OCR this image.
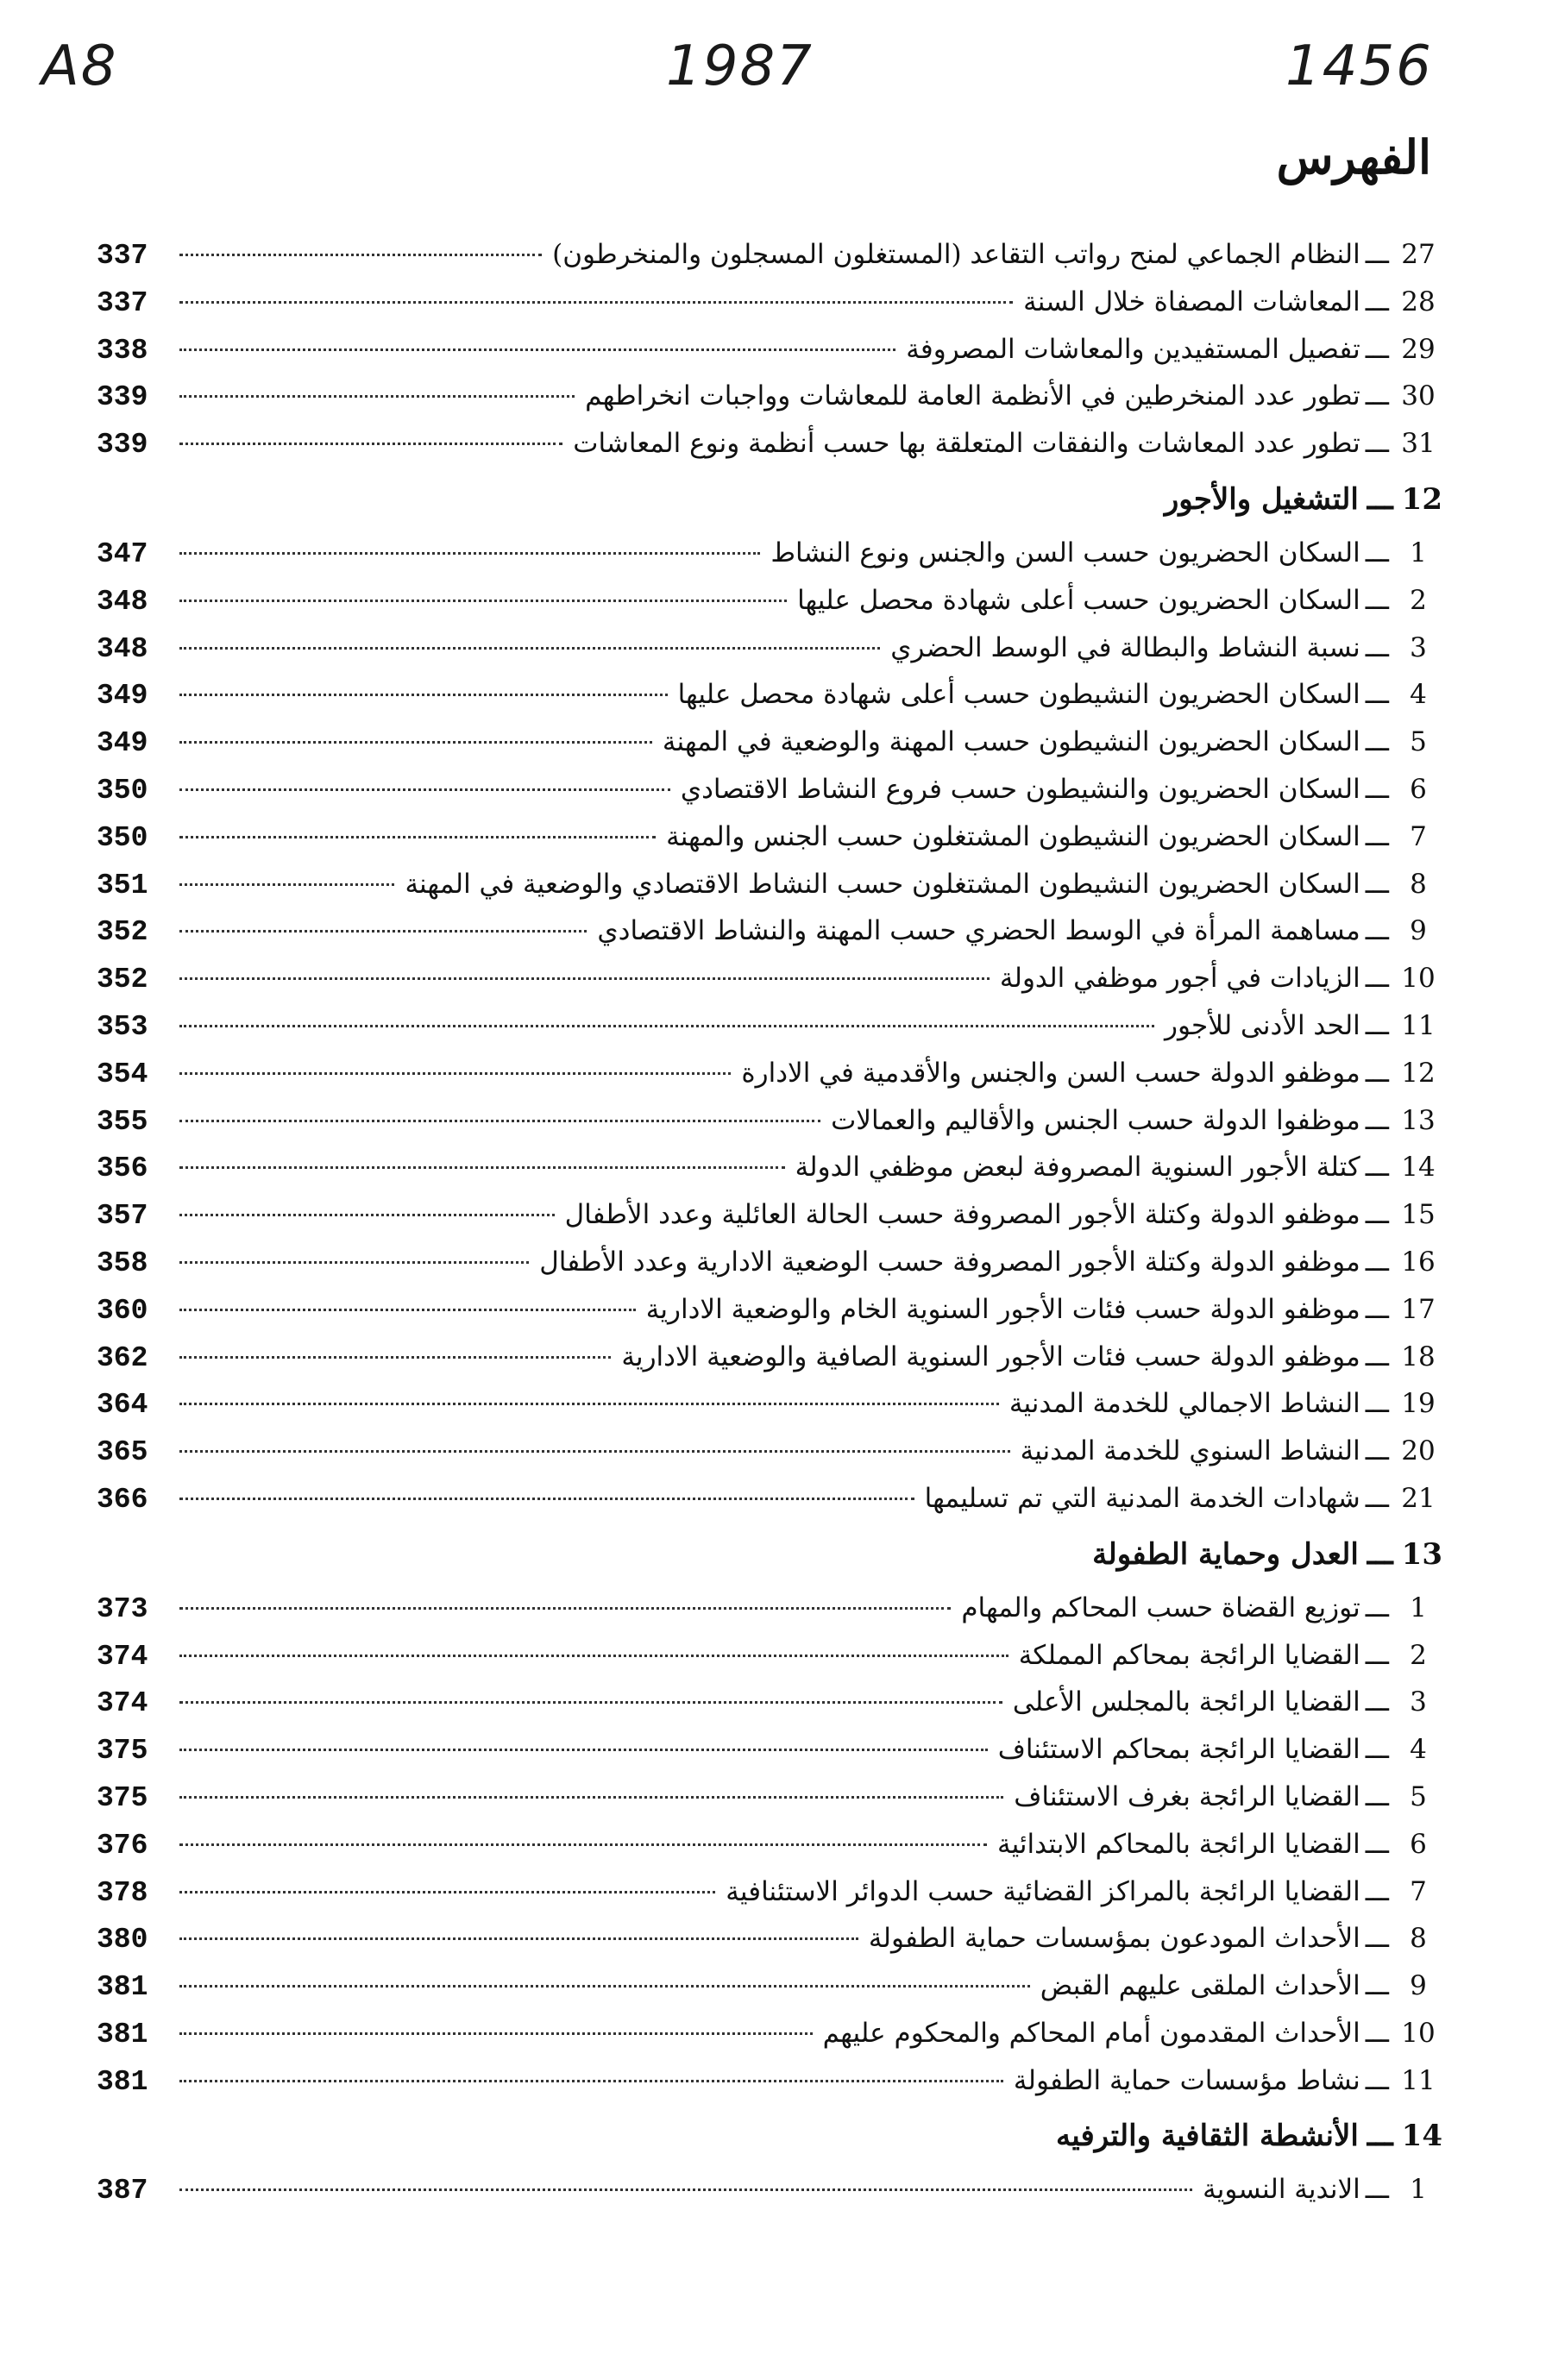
A8	1987	1456
الفهرس
27
ـــ
النظام الجماعي لمنح رواتب التقاعد (المستغلون المسجلون والمنخرطون)
337
28
ـــ
المعاشات المصفاة خلال السنة
337
29
ـــ
تفصيل المستفيدين والمعاشات المصروفة
338
30
ـــ
تطور عدد المنخرطين في الأنظمة العامة للمعاشات وواجبات انخراطهم
339
31
ـــ
تطور عدد المعاشات والنفقات المتعلقة بها حسب أنظمة ونوع المعاشات
339
12
ـــ
التشغيل والأجور
1
ـــ
السكان الحضريون حسب السن والجنس ونوع النشاط
347
2
ـــ
السكان الحضريون حسب أعلى شهادة محصل عليها
348
3
ـــ
نسبة النشاط والبطالة في الوسط الحضري
348
4
ـــ
السكان الحضريون النشيطون حسب أعلى شهادة محصل عليها
349
5
ـــ
السكان الحضريون النشيطون حسب المهنة والوضعية في المهنة
349
6
ـــ
السكان الحضريون والنشيطون حسب فروع النشاط الاقتصادي
350
7
ـــ
السكان الحضريون النشيطون المشتغلون حسب الجنس والمهنة
350
8
ـــ
السكان الحضريون النشيطون المشتغلون حسب النشاط الاقتصادي والوضعية في المهنة
351
9
ـــ
مساهمة المرأة في الوسط الحضري حسب المهنة والنشاط الاقتصادي
352
10
ـــ
الزيادات في أجور موظفي الدولة
352
11
ـــ
الحد الأدنى للأجور
353
12
ـــ
موظفو الدولة حسب السن والجنس والأقدمية في الادارة
354
13
ـــ
موظفوا الدولة حسب الجنس والأقاليم والعمالات
355
14
ـــ
كتلة الأجور السنوية المصروفة لبعض موظفي الدولة
356
15
ـــ
موظفو الدولة وكتلة الأجور المصروفة حسب الحالة العائلية وعدد الأطفال
357
16
ـــ
موظفو الدولة وكتلة الأجور المصروفة حسب الوضعية الادارية وعدد الأطفال
358
17
ـــ
موظفو الدولة حسب فئات الأجور السنوية الخام والوضعية الادارية
360
18
ـــ
موظفو الدولة حسب فئات الأجور السنوية الصافية والوضعية الادارية
362
19
ـــ
النشاط الاجمالي للخدمة المدنية
364
20
ـــ
النشاط السنوي للخدمة المدنية
365
21
ـــ
شهادات الخدمة المدنية التي تم تسليمها
366
13
ـــ
العدل وحماية الطفولة
1
ـــ
توزيع القضاة حسب المحاكم والمهام
373
2
ـــ
القضايا الرائجة بمحاكم المملكة
374
3
ـــ
القضايا الرائجة بالمجلس الأعلى
374
4
ـــ
القضايا الرائجة بمحاكم الاستئناف
375
5
ـــ
القضايا الرائجة بغرف الاستئناف
375
6
ـــ
القضايا الرائجة بالمحاكم الابتدائية
376
7
ـــ
القضايا الرائجة بالمراكز القضائية حسب الدوائر الاستئنافية
378
8
ـــ
الأحداث المودعون بمؤسسات حماية الطفولة
380
9
ـــ
الأحداث الملقى عليهم القبض
381
10
ـــ
الأحداث المقدمون أمام المحاكم والمحكوم عليهم
381
11
ـــ
نشاط مؤسسات حماية الطفولة
381
14
ـــ
الأنشطة الثقافية والترفيه
1
ـــ
الاندية النسوية
387
